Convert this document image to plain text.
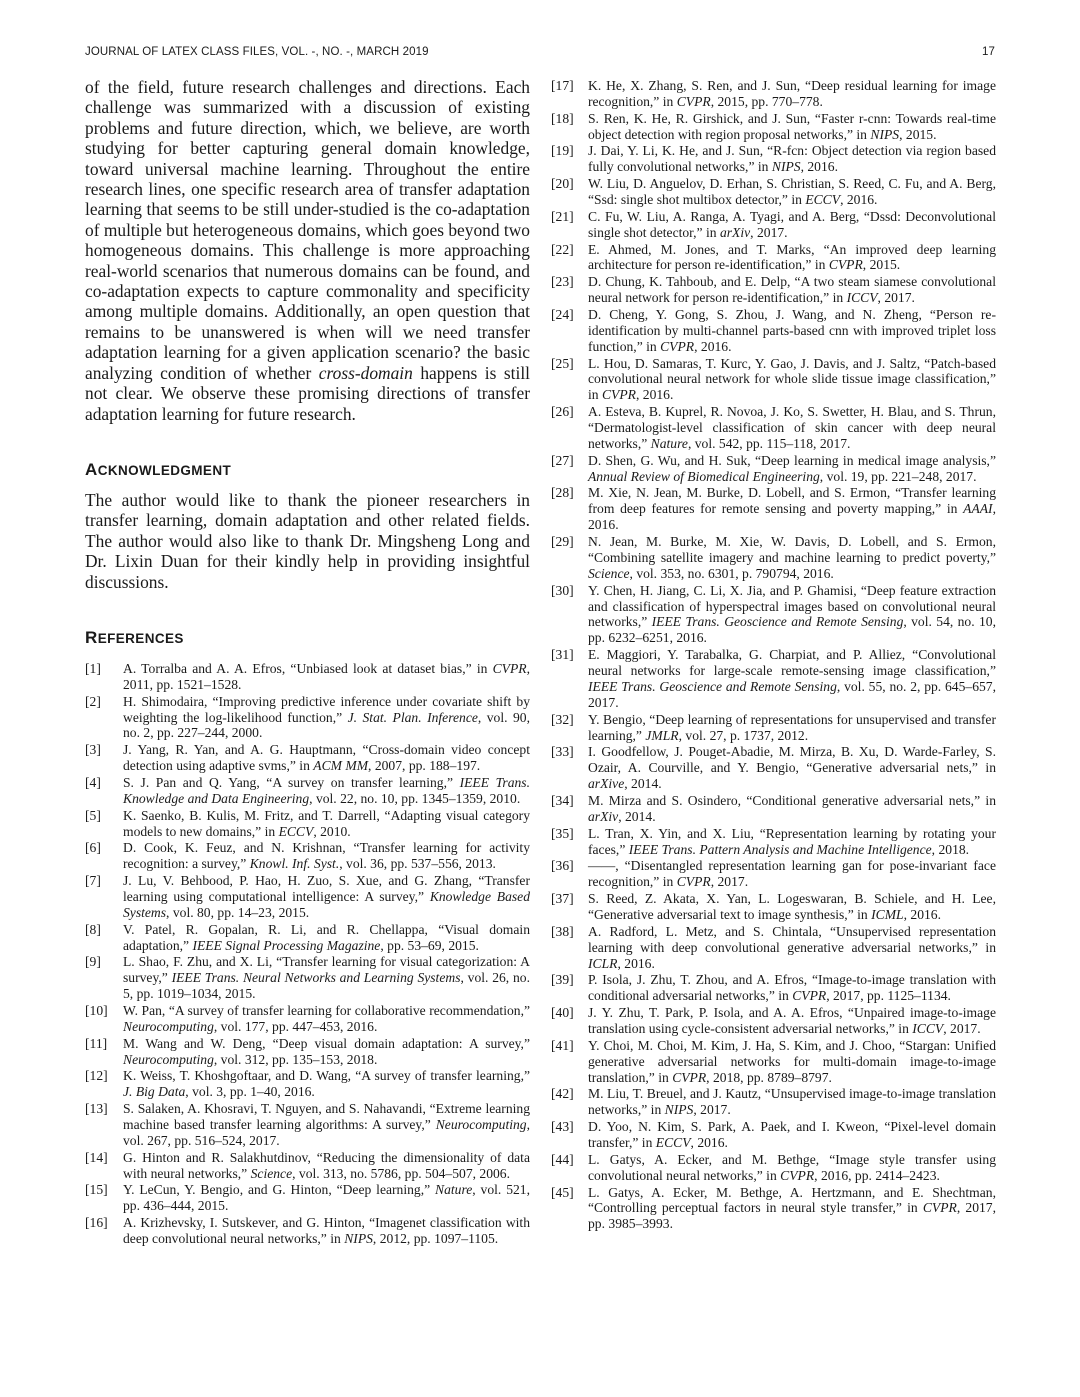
JOURNAL OF LATEX CLASS FILES, VOL. -, NO. -, MARCH 2019	17

of the field, future research challenges and directions. Each challenge was summarized with a discussion of existing problems and future direction, which, we believe, are worth studying for better capturing general domain knowledge, toward universal machine learning. Throughout the entire research lines, one specific research area of transfer adaptation learning that seems to be still under-studied is the co-adaptation of multiple but heterogeneous domains, which goes beyond two homogeneous domains. This challenge is more approaching real-world scenarios that numerous domains can be found, and co-adaptation expects to capture commonality and specificity among multiple domains. Additionally, an open question that remains to be unanswered is when will we need transfer adaptation learning for a given application scenario? the basic analyzing condition of whether cross-domain happens is still not clear. We observe these promising directions of transfer adaptation learning for future research.

ACKNOWLEDGMENT

The author would like to thank the pioneer researchers in transfer learning, domain adaptation and other related fields. The author would also like to thank Dr. Mingsheng Long and Dr. Lixin Duan for their kindly help in providing insightful discussions.

REFERENCES
[1]	A. Torralba and A. A. Efros, “Unbiased look at dataset bias,” in CVPR, 2011, pp. 1521–1528.
[2]	H. Shimodaira, “Improving predictive inference under covariate shift by weighting the log-likelihood function,” J. Stat. Plan. Inference, vol. 90, no. 2, pp. 227–244, 2000.
[3]	J. Yang, R. Yan, and A. G. Hauptmann, “Cross-domain video concept detection using adaptive svms,” in ACM MM, 2007, pp. 188–197.
[4]	S. J. Pan and Q. Yang, “A survey on transfer learning,” IEEE Trans. Knowledge and Data Engineering, vol. 22, no. 10, pp. 1345–1359, 2010.
[5]	K. Saenko, B. Kulis, M. Fritz, and T. Darrell, “Adapting visual category models to new domains,” in ECCV, 2010.
[6]	D. Cook, K. Feuz, and N. Krishnan, “Transfer learning for activity recognition: a survey,” Knowl. Inf. Syst., vol. 36, pp. 537–556, 2013.
[7]	J. Lu, V. Behbood, P. Hao, H. Zuo, S. Xue, and G. Zhang, “Transfer learning using computational intelligence: A survey,” Knowledge Based Systems, vol. 80, pp. 14–23, 2015.
[8]	V. Patel, R. Gopalan, R. Li, and R. Chellappa, “Visual domain adaptation,” IEEE Signal Processing Magazine, pp. 53–69, 2015.
[9]	L. Shao, F. Zhu, and X. Li, “Transfer learning for visual categorization: A survey,” IEEE Trans. Neural Networks and Learning Systems, vol. 26, no. 5, pp. 1019–1034, 2015.
[10]	W. Pan, “A survey of transfer learning for collaborative recommendation,” Neurocomputing, vol. 177, pp. 447–453, 2016.
[11]	M. Wang and W. Deng, “Deep visual domain adaptation: A survey,” Neurocomputing, vol. 312, pp. 135–153, 2018.
[12]	K. Weiss, T. Khoshgoftaar, and D. Wang, “A survey of transfer learning,” J. Big Data, vol. 3, pp. 1–40, 2016.
[13]	S. Salaken, A. Khosravi, T. Nguyen, and S. Nahavandi, “Extreme learning machine based transfer learning algorithms: A survey,” Neurocomputing, vol. 267, pp. 516–524, 2017.
[14]	G. Hinton and R. Salakhutdinov, “Reducing the dimensionality of data with neural networks,” Science, vol. 313, no. 5786, pp. 504–507, 2006.
[15]	Y. LeCun, Y. Bengio, and G. Hinton, “Deep learning,” Nature, vol. 521, pp. 436–444, 2015.
[16]	A. Krizhevsky, I. Sutskever, and G. Hinton, “Imagenet classification with deep convolutional neural networks,” in NIPS, 2012, pp. 1097–1105.
[17]	K. He, X. Zhang, S. Ren, and J. Sun, “Deep residual learning for image recognition,” in CVPR, 2015, pp. 770–778.
[18]	S. Ren, K. He, R. Girshick, and J. Sun, “Faster r-cnn: Towards real-time object detection with region proposal networks,” in NIPS, 2015.
[19]	J. Dai, Y. Li, K. He, and J. Sun, “R-fcn: Object detection via region based fully convolutional networks,” in NIPS, 2016.
[20]	W. Liu, D. Anguelov, D. Erhan, S. Christian, S. Reed, C. Fu, and A. Berg, “Ssd: single shot multibox detector,” in ECCV, 2016.
[21]	C. Fu, W. Liu, A. Ranga, A. Tyagi, and A. Berg, “Dssd: Deconvolutional single shot detector,” in arXiv, 2017.
[22]	E. Ahmed, M. Jones, and T. Marks, “An improved deep learning architecture for person re-identification,” in CVPR, 2015.
[23]	D. Chung, K. Tahboub, and E. Delp, “A two steam siamese convolutional neural network for person re-identification,” in ICCV, 2017.
[24]	D. Cheng, Y. Gong, S. Zhou, J. Wang, and N. Zheng, “Person re-identification by multi-channel parts-based cnn with improved triplet loss function,” in CVPR, 2016.
[25]	L. Hou, D. Samaras, T. Kurc, Y. Gao, J. Davis, and J. Saltz, “Patch-based convolutional neural network for whole slide tissue image classification,” in CVPR, 2016.
[26]	A. Esteva, B. Kuprel, R. Novoa, J. Ko, S. Swetter, H. Blau, and S. Thrun, “Dermatologist-level classification of skin cancer with deep neural networks,” Nature, vol. 542, pp. 115–118, 2017.
[27]	D. Shen, G. Wu, and H. Suk, “Deep learning in medical image analysis,” Annual Review of Biomedical Engineering, vol. 19, pp. 221–248, 2017.
[28]	M. Xie, N. Jean, M. Burke, D. Lobell, and S. Ermon, “Transfer learning from deep features for remote sensing and poverty mapping,” in AAAI, 2016.
[29]	N. Jean, M. Burke, M. Xie, W. Davis, D. Lobell, and S. Ermon, “Combining satellite imagery and machine learning to predict poverty,” Science, vol. 353, no. 6301, p. 790794, 2016.
[30]	Y. Chen, H. Jiang, C. Li, X. Jia, and P. Ghamisi, “Deep feature extraction and classification of hyperspectral images based on convolutional neural networks,” IEEE Trans. Geoscience and Remote Sensing, vol. 54, no. 10, pp. 6232–6251, 2016.
[31]	E. Maggiori, Y. Tarabalka, G. Charpiat, and P. Alliez, “Convolutional neural networks for large-scale remote-sensing image classification,” IEEE Trans. Geoscience and Remote Sensing, vol. 55, no. 2, pp. 645–657, 2017.
[32]	Y. Bengio, “Deep learning of representations for unsupervised and transfer learning,” JMLR, vol. 27, p. 1737, 2012.
[33]	I. Goodfellow, J. Pouget-Abadie, M. Mirza, B. Xu, D. Warde-Farley, S. Ozair, A. Courville, and Y. Bengio, “Generative adversarial nets,” in arXive, 2014.
[34]	M. Mirza and S. Osindero, “Conditional generative adversarial nets,” in arXiv, 2014.
[35]	L. Tran, X. Yin, and X. Liu, “Representation learning by rotating your faces,” IEEE Trans. Pattern Analysis and Machine Intelligence, 2018.
[36]	——, “Disentangled representation learning gan for pose-invariant face recognition,” in CVPR, 2017.
[37]	S. Reed, Z. Akata, X. Yan, L. Logeswaran, B. Schiele, and H. Lee, “Generative adversarial text to image synthesis,” in ICML, 2016.
[38]	A. Radford, L. Metz, and S. Chintala, “Unsupervised representation learning with deep convolutional generative adversarial networks,” in ICLR, 2016.
[39]	P. Isola, J. Zhu, T. Zhou, and A. Efros, “Image-to-image translation with conditional adversarial networks,” in CVPR, 2017, pp. 1125–1134.
[40]	J. Y. Zhu, T. Park, P. Isola, and A. A. Efros, “Unpaired image-to-image translation using cycle-consistent adversarial networks,” in ICCV, 2017.
[41]	Y. Choi, M. Choi, M. Kim, J. Ha, S. Kim, and J. Choo, “Stargan: Unified generative adversarial networks for multi-domain image-to-image translation,” in CVPR, 2018, pp. 8789–8797.
[42]	M. Liu, T. Breuel, and J. Kautz, “Unsupervised image-to-image translation networks,” in NIPS, 2017.
[43]	D. Yoo, N. Kim, S. Park, A. Paek, and I. Kweon, “Pixel-level domain transfer,” in ECCV, 2016.
[44]	L. Gatys, A. Ecker, and M. Bethge, “Image style transfer using convolutional neural networks,” in CVPR, 2016, pp. 2414–2423.
[45]	L. Gatys, A. Ecker, M. Bethge, A. Hertzmann, and E. Shechtman, “Controlling perceptual factors in neural style transfer,” in CVPR, 2017, pp. 3985–3993.
